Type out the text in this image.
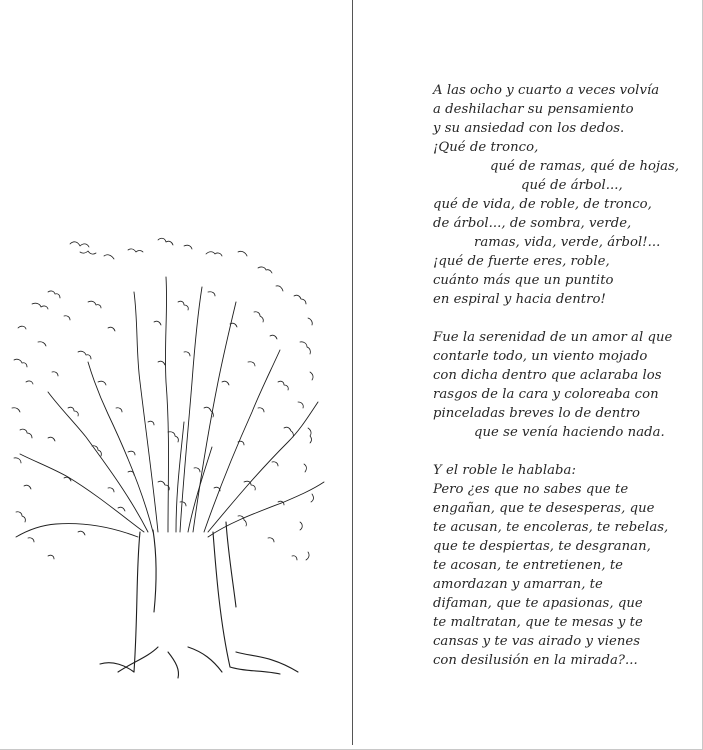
A las ocho y cuarto a veces volvía
a deshilachar su pensamiento
y su ansiedad con los dedos.
¡Qué de tronco,
qué de ramas, qué de hojas,
qué de árbol...,
qué de vida, de roble, de tronco,
de árbol..., de sombra, verde,
ramas, vida, verde, árbol!...
¡qué de fuerte eres, roble,
cuánto más que un puntito
en espiral y hacia dentro!
Fue la serenidad de un amor al que
contarle todo, un viento mojado
con dicha dentro que aclaraba los
rasgos de la cara y coloreaba con
pinceladas breves lo de dentro
que se venía haciendo nada.
Y el roble le hablaba:
Pero ¿es que no sabes que te
engañan, que te desesperas, que
te acusan, te encoleras, te rebelas,
que te despiertas, te desgranan,
te acosan, te entretienen, te
amordazan y amarran, te
difaman, que te apasionas, que
te maltratan, que te mesas y te
cansas y te vas airado y vienes
con desilusión en la mirada?...
